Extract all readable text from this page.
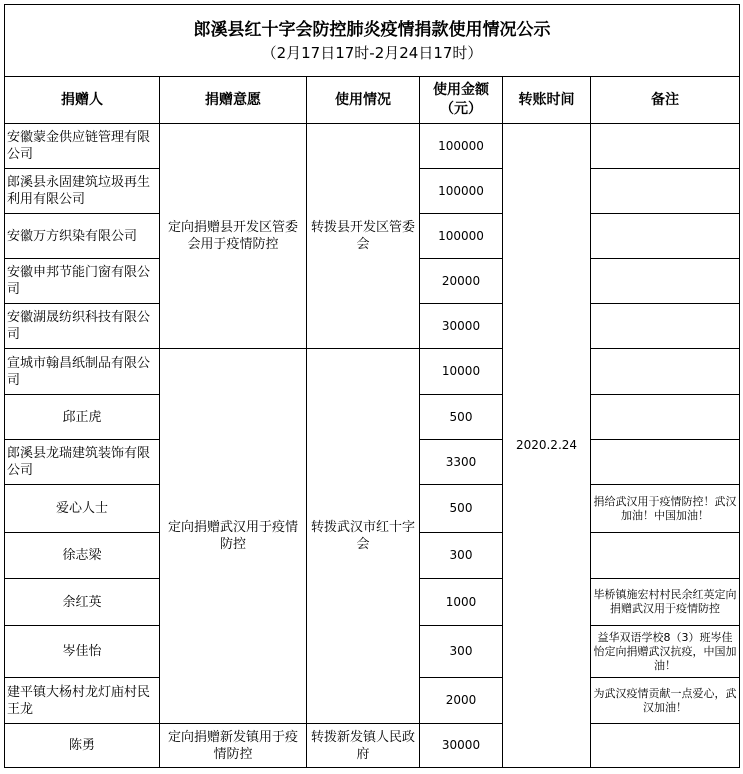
郎溪县红十字会防控肺炎疫情捐款使用情况公示
（2月17日17时-2月24日17时）					

捐赠人	捐赠意愿	使用情况	使用金额（元）	转账时间	备注
安徽蒙金供应链管理有限公司	定向捐赠县开发区管委会用于疫情防控	转拨县开发区管委会	100000	2020.2.24	
郎溪县永固建筑垃圾再生利用有限公司			100000		
安徽万方织染有限公司			100000		
安徽申邦节能门窗有限公司			20000		
安徽湖晟纺织科技有限公司			30000		
宣城市翰昌纸制品有限公司	定向捐赠武汉用于疫情防控	转拨武汉市红十字会	10000		
邱正虎			500		
郎溪县龙瑞建筑装饰有限公司			3300		
爱心人士			500		捐给武汉用于疫情防控！武汉加油！中国加油！
徐志梁			300		
余红英			1000		毕桥镇施宏村村民余红英定向捐赠武汉用于疫情防控
岑佳怡			300		益华双语学校8（3）班岑佳怡定向捐赠武汉抗疫，中国加油！
建平镇大杨村龙灯庙村民王龙			2000		为武汉疫情贡献一点爱心，武汉加油！
陈勇	定向捐赠新发镇用于疫情防控	转拨新发镇人民政府	30000		
